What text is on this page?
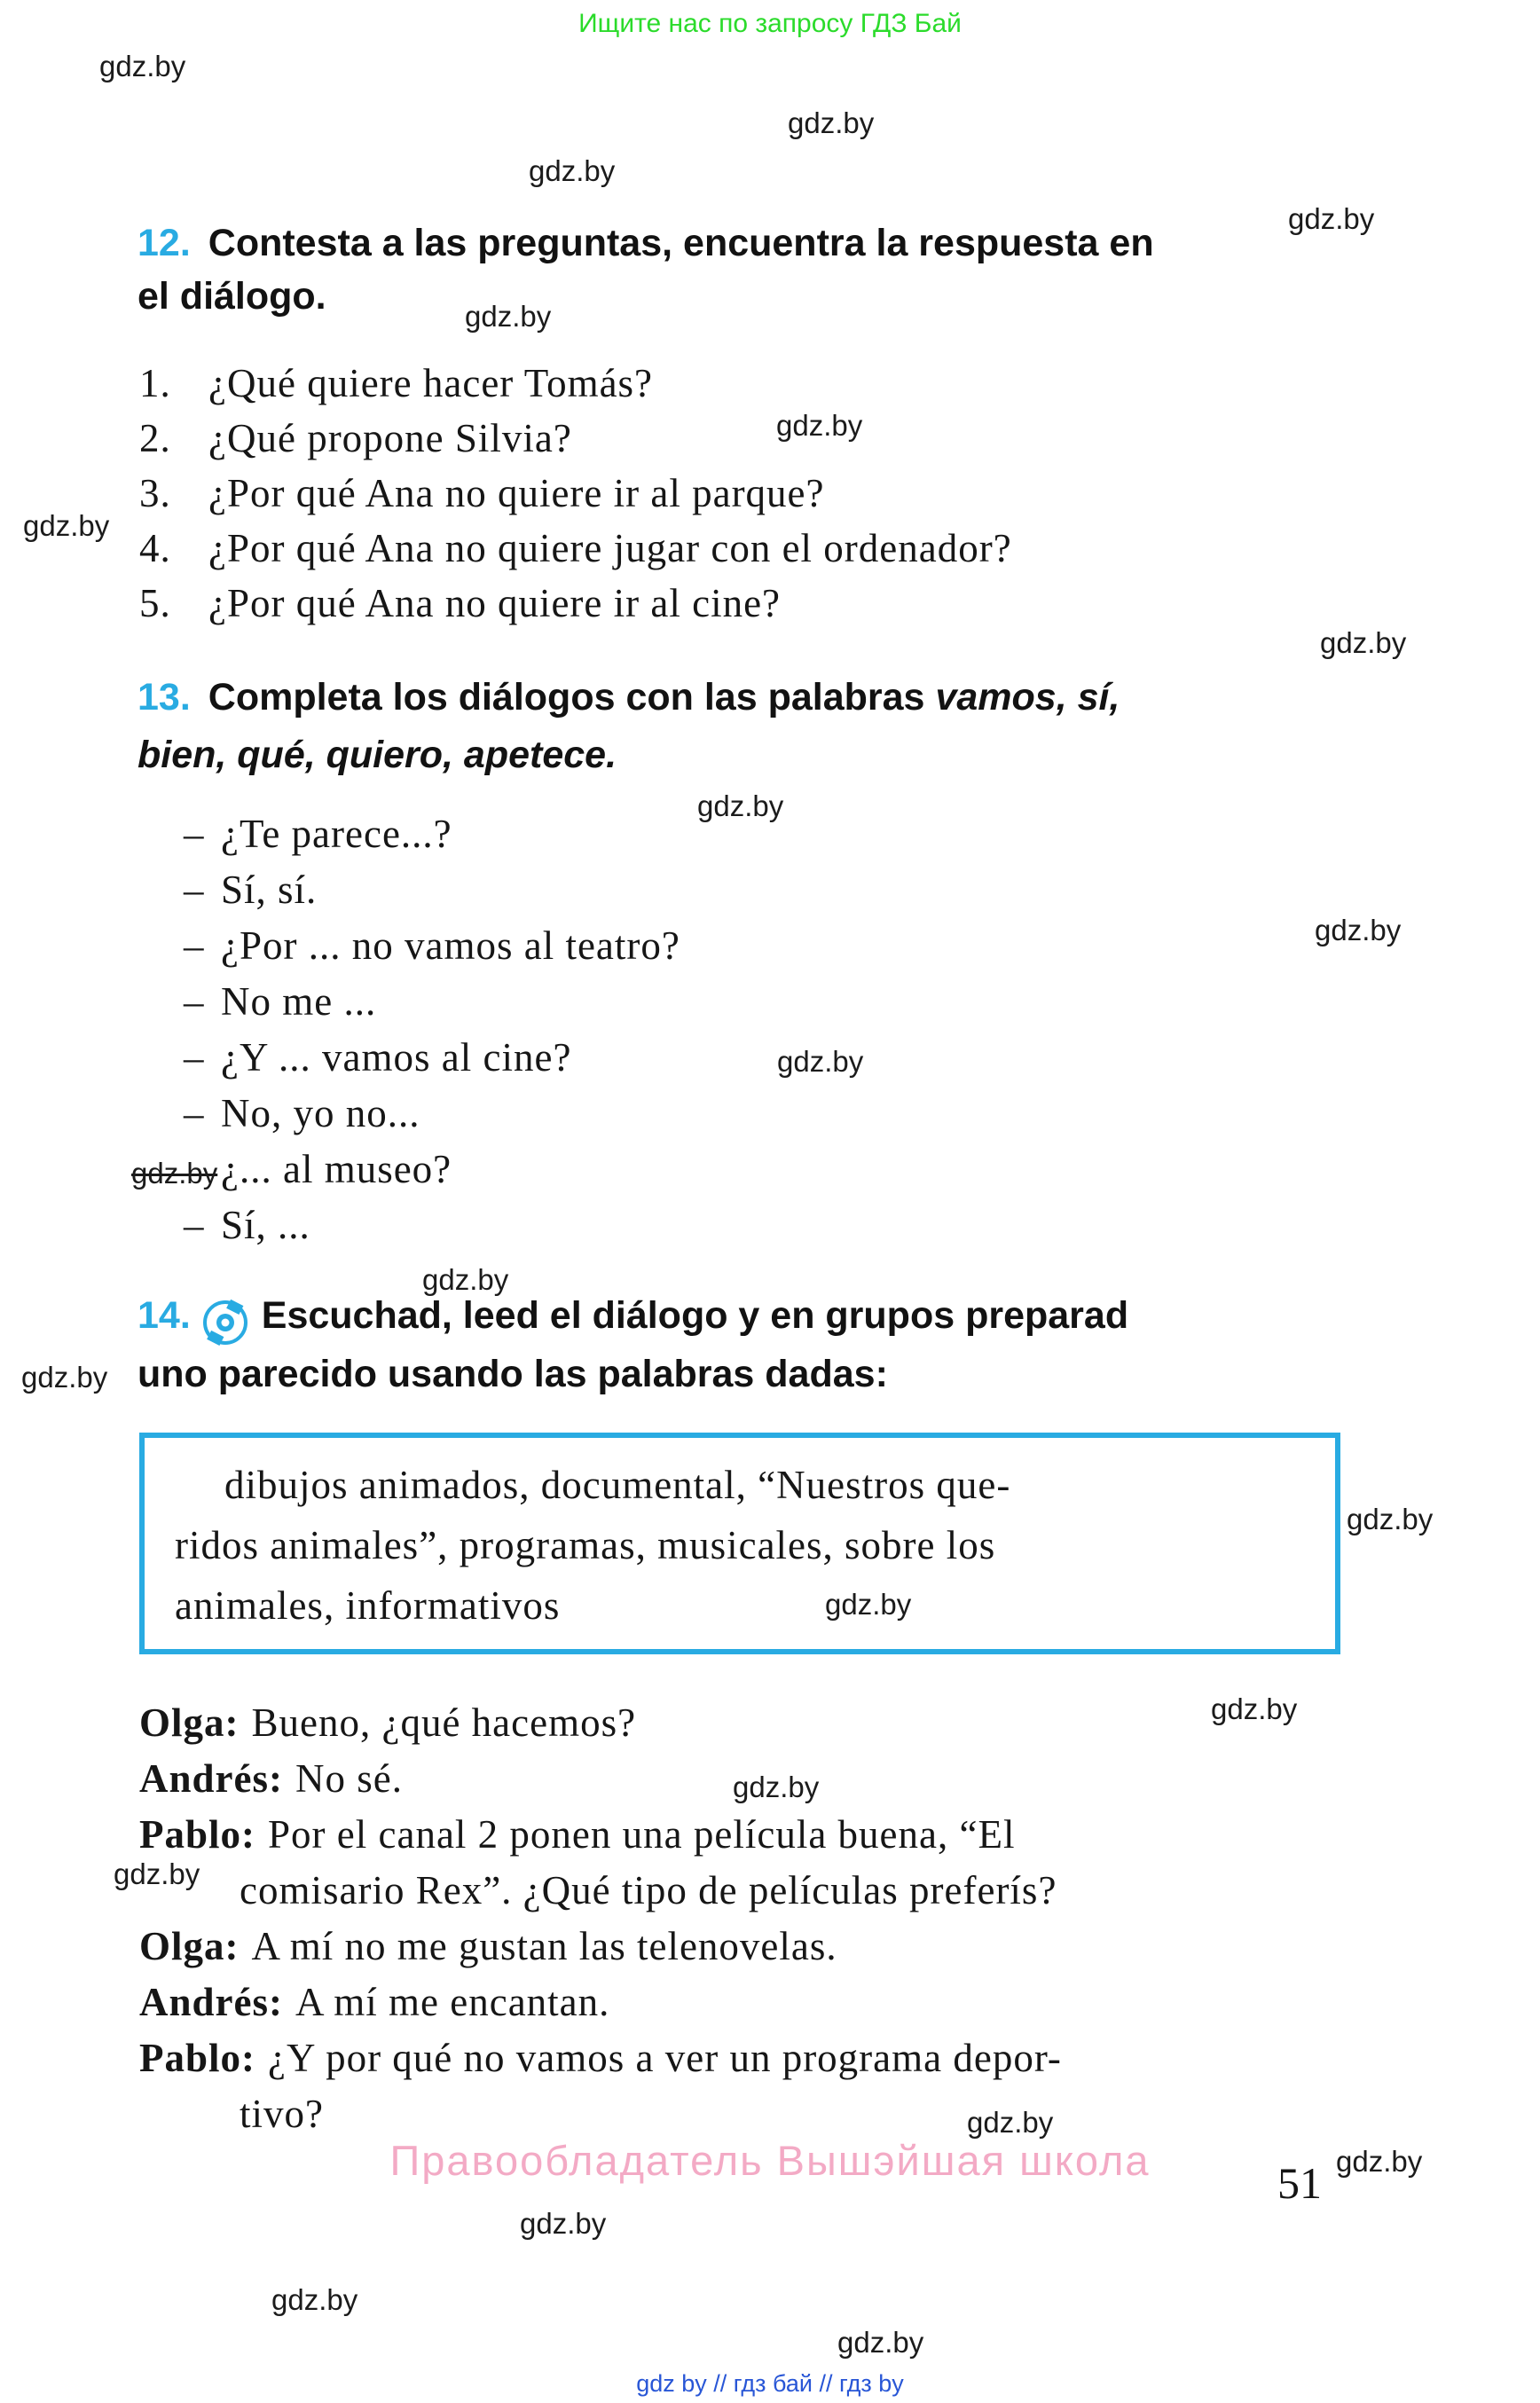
Ищите нас по запросу ГДЗ Бай
12. Contesta a las preguntas, encuentra la respuesta en
el diálogo.
1. ¿Qué quiere hacer Tomás?
2. ¿Qué propone Silvia?
3. ¿Por qué Ana no quiere ir al parque?
4. ¿Por qué Ana no quiere jugar con el ordenador?
5. ¿Por qué Ana no quiere ir al cine?
13. Completa los diálogos con las palabras vamos, sí,
bien, qué, quiero, apetece.
– ¿Te parece...?
– Sí, sí.
– ¿Por ... no vamos al teatro?
– No me ...
– ¿Y ... vamos al cine?
– No, yo no...
¿... al museo?
– Sí, ...
14. Escuchad, leed el diálogo y en grupos preparad
uno parecido usando las palabras dadas:
dibujos animados, documental, “Nuestros que-
ridos animales”, programas, musicales, sobre los
animales, informativos
Olga: Bueno, ¿qué hacemos?
Andrés: No sé.
Pablo: Por el canal 2 ponen una película buena, “El
comisario Rex”. ¿Qué tipo de películas preferís?
Olga: A mí no me gustan las telenovelas.
Andrés: A mí me encantan.
Pablo: ¿Y por qué no vamos a ver un programa depor-
tivo?
Правообладатель Вышэйшая школа	51
gdz by // гдз бай // гдз by
gdz.by
gdz.by
gdz.by
gdz.by
gdz.by
gdz.by
gdz.by
gdz.by
gdz.by
gdz.by
gdz.by
gdz.by
gdz.by
gdz.by
gdz.by
gdz.by
gdz.by
gdz.by
gdz.by
gdz.by
gdz.by
gdz.by
gdz.by
gdz.by
